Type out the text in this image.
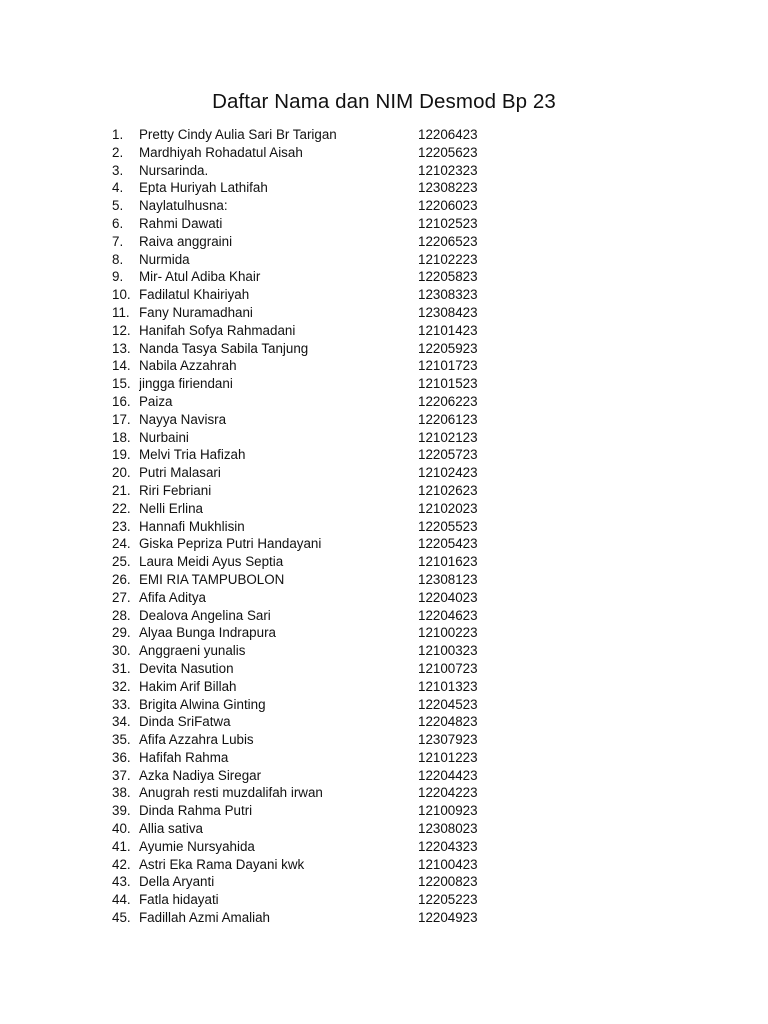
Daftar Nama dan NIM Desmod Bp 23
1.	Pretty Cindy Aulia Sari Br Tarigan	12206423
2.	Mardhiyah Rohadatul Aisah	12205623
3.	Nursarinda.	12102323
4.	Epta Huriyah Lathifah	12308223
5.	Naylatulhusna:	12206023
6.	Rahmi Dawati	12102523
7.	Raiva anggraini	12206523
8.	Nurmida	12102223
9.	Mir- Atul Adiba Khair	12205823
10. Fadilatul Khairiyah	12308323
11. Fany Nuramadhani	12308423
12. Hanifah Sofya Rahmadani	12101423
13. Nanda Tasya Sabila Tanjung	12205923
14. Nabila Azzahrah	12101723
15. jingga firiendani	12101523
16. Paiza	12206223
17. Nayya Navisra	12206123
18. Nurbaini	12102123
19. Melvi Tria Hafizah	12205723
20. Putri Malasari	12102423
21. Riri Febriani	12102623
22. Nelli Erlina	12102023
23. Hannafi Mukhlisin	12205523
24. Giska Pepriza Putri Handayani	12205423
25. Laura Meidi Ayus Septia	12101623
26. EMI RIA TAMPUBOLON	12308123
27. Afifa Aditya	12204023
28. Dealova Angelina Sari	12204623
29. Alyaa Bunga Indrapura	12100223
30. Anggraeni yunalis	12100323
31. Devita Nasution	12100723
32. Hakim Arif Billah	12101323
33. Brigita Alwina Ginting	12204523
34. Dinda SriFatwa	12204823
35. Afifa Azzahra Lubis	12307923
36. Hafifah Rahma	12101223
37. Azka Nadiya Siregar	12204423
38. Anugrah resti muzdalifah irwan	12204223
39. Dinda Rahma Putri	12100923
40. Allia sativa	12308023
41. Ayumie Nursyahida	12204323
42. Astri Eka Rama Dayani kwk	12100423
43. Della Aryanti	12200823
44. Fatla hidayati	12205223
45. Fadillah Azmi Amaliah	12204923
